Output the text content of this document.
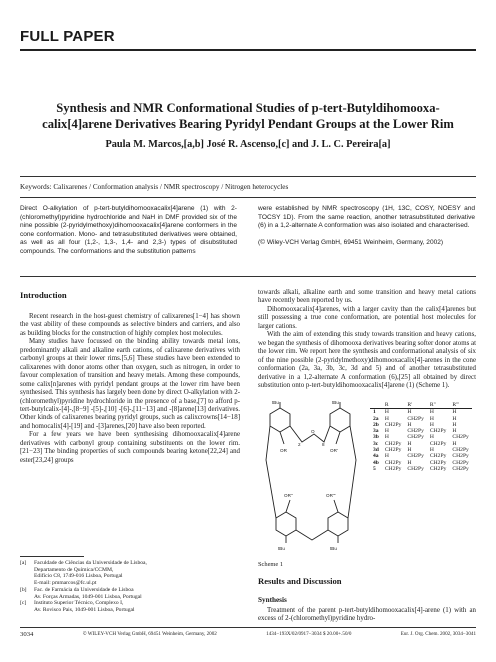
FULL PAPER
Synthesis and NMR Conformational Studies of p-tert-Butyldihomooxa-
calix[4]arene Derivatives Bearing Pyridyl Pendant Groups at the Lower Rim
Paula M. Marcos,[a,b] José R. Ascenso,[c] and J. L. C. Pereira[a]
Keywords: Calixarenes / Conformation analysis / NMR spectroscopy / Nitrogen heterocycles
Direct O-alkylation of p-tert-butyldihomooxacalix[4]arene (1) with 2-(chloromethyl)pyridine hydrochloride and NaH in DMF provided six of the nine possible (2-pyridylmethoxy)dihomooxacalix[4]arene conformers in the cone conformation. Mono- and tetrasubstituted derivatives were obtained, as well as all four (1,2-, 1,3-, 1,4- and 2,3-) types of disubstituted compounds. The conformations and the substitution patterns
were established by NMR spectroscopy (1H, 13C, COSY, NOESY and TOCSY 1D). From the same reaction, another tetrasubstituted derivative (6) in a 1,2-alternate A conformation was also isolated and characterised.
(© Wiley-VCH Verlag GmbH, 69451 Weinheim, Germany, 2002)
Introduction

Recent research in the host-guest chemistry of calixarenes[1−4] has shown the vast ability of these compounds as selective binders and carriers, and also as building blocks for the construction of highly complex host molecules.

Many studies have focussed on the binding ability towards metal ions, predominantly alkali and alkaline earth cations, of calixarene derivatives with carbonyl groups at their lower rims.[5,6] These studies have been extended to calixarenes with donor atoms other than oxygen, such as nitrogen, in order to favour complexation of transition and heavy metals. Among these compounds, some calix[n]arenes with pyridyl pendant groups at the lower rim have been synthesised. This synthesis has largely been done by direct O-alkylation with 2-(chloromethyl)pyridine hydrochloride in the presence of a base,[7] to afford p-tert-butylcalix-[4]-,[8−9] -[5]-,[10] -[6]-,[11−13] and -[8]arene[13] derivatives. Other kinds of calixarenes bearing pyridyl groups, such as calixcrowns[14−18] and homocalix[4]-[19] and -[3]arenes,[20] have also been reported.

For a few years we have been synthesising dihomooxacalix[4]arene derivatives with carbonyl group containing substituents on the lower rim.[21−23] The binding properties of such compounds bearing ketone[22,24] and ester[23,24] groups

[a]	Faculdade de Ciências da Universidade de Lisboa,
Departamento de Química/CCMM,
Edifício C8, 1749-016 Lisboa, Portugal
E-mail: pmmarcos@fc.ul.pt
[b]	Fac. de Farmácia da Universidade de Lisboa
Av. Forças Armadas, 1049-001 Lisboa, Portugal
[c]	Instituto Superior Técnico, Complexo I,
Av. Rovisco Pais, 1049-001 Lisboa, Portugal

towards alkali, alkaline earth and some transition and heavy metal cations have recently been reported by us.

Dihomooxacalix[4]arenes, with a larger cavity than the calix[4]arenes but still possessing a true cone conformation, are potential host molecules for larger cations.

With the aim of extending this study towards transition and heavy cations, we began the synthesis of dihomooxa derivatives bearing softer donor atoms at the lower rim. We report here the synthesis and conformational analysis of six of the nine possible (2-pyridylmethoxy)dihomooxacalix[4]-arenes in the cone conformation (2a, 3a, 3b, 3c, 3d and 5) and of another tetrasubstituted derivative in a 1,2-alternate A conformation (6),[25] all obtained by direct substitution onto p-tert-butyldihomooxacalix[4]arene (1) (Scheme 1).

tBu	tBu
tBu	tBu
O
OR	OR'
OR''	OR'''
2	8
	R	R'	R''	R'''
1	H	H	H	H
2a	H	CH2Py	H	H
2b	CH2Py	H	H	H
3a	H	CH2Py	CH2Py	H
3b	H	CH2Py	H	CH2Py
3c	CH2Py	H	CH2Py	H
3d	CH2Py	H	H	CH2Py
4a	H	CH2Py	CH2Py	CH2Py
4b	CH2Py	H	CH2Py	CH2Py
5	CH2Py	CH2Py	CH2Py	CH2Py
Scheme 1
Results and Discussion
Synthesis

Treatment of the parent p-tert-butyldihomooxacalix[4]-arene (1) with an excess of 2-(chloromethyl)pyridine hydro-

3034	© WILEY-VCH Verlag GmbH, 69451 Weinheim, Germany, 2002	1434−193X/02/0917−3034 $ 20.00+.50/0	Eur. J. Org. Chem. 2002, 3034−3041
